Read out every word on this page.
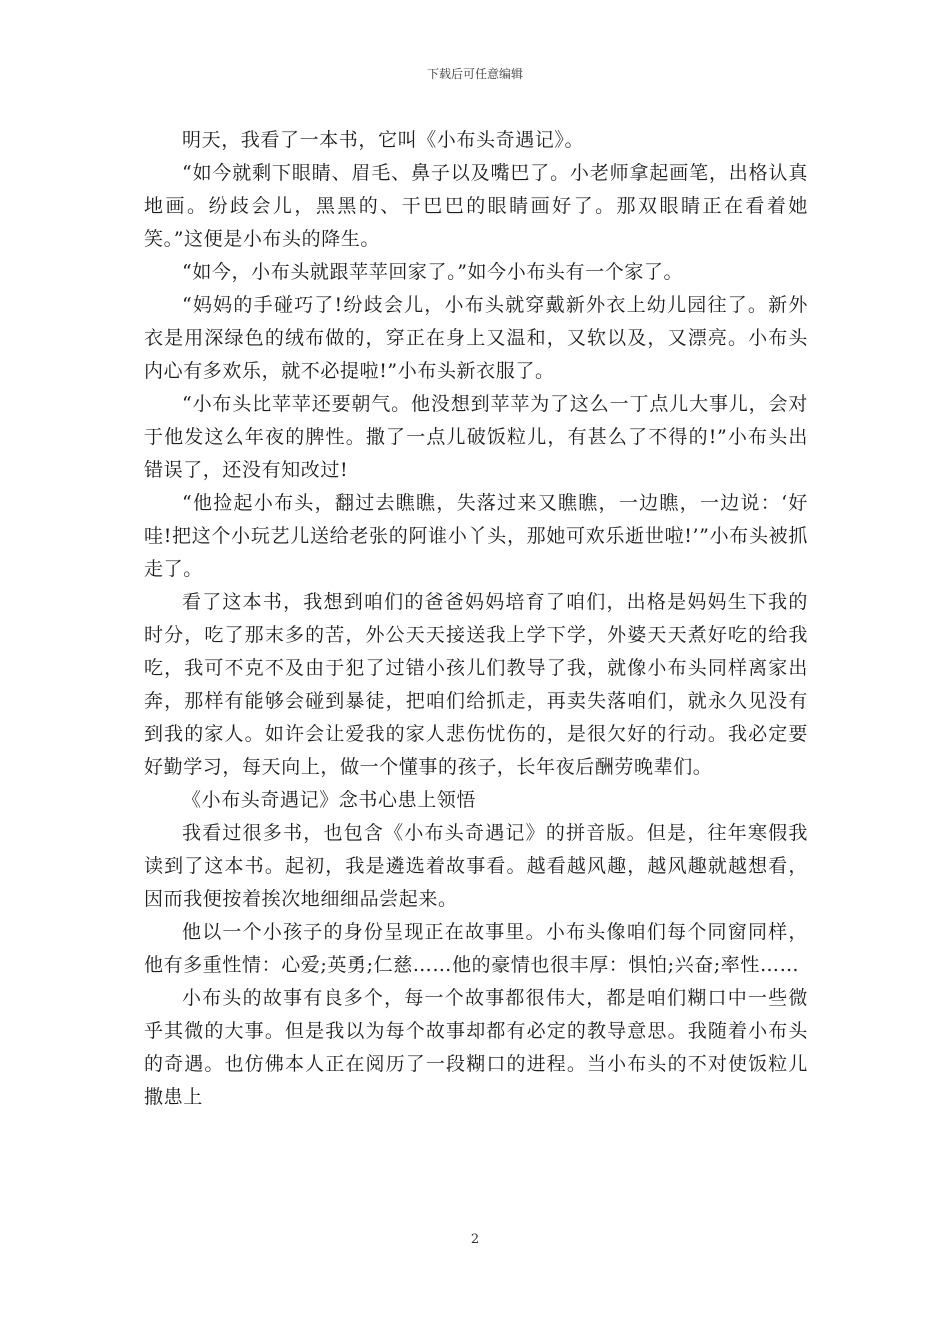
下载后可任意编辑

明天，我看了一本书，它叫《小布头奇遇记》。

“如今就剩下眼睛、眉毛、鼻子以及嘴巴了。小老师拿起画笔，出格认真地画。纷歧会儿，黑黑的、干巴巴的眼睛画好了。那双眼睛正在看着她笑。”这便是小布头的降生。

“如今，小布头就跟苹苹回家了。”如今小布头有一个家了。

“妈妈的手碰巧了!纷歧会儿，小布头就穿戴新外衣上幼儿园往了。新外衣是用深绿色的绒布做的，穿正在身上又温和，又软以及，又漂亮。小布头内心有多欢乐，就不必提啦!”小布头新衣服了。

“小布头比苹苹还要朝气。他没想到苹苹为了这么一丁点儿大事儿，会对于他发这么年夜的脾性。撒了一点儿破饭粒儿，有甚么了不得的!”小布头出错误了，还没有知改过!

“他捡起小布头，翻过去瞧瞧，失落过来又瞧瞧，一边瞧，一边说：‘好哇!把这个小玩艺儿送给老张的阿谁小丫头，那她可欢乐逝世啦!’”小布头被抓走了。

看了这本书，我想到咱们的爸爸妈妈培育了咱们，出格是妈妈生下我的时分，吃了那末多的苦，外公天天接送我上学下学，外婆天天煮好吃的给我吃，我可不克不及由于犯了过错小孩儿们教导了我，就像小布头同样离家出奔，那样有能够会碰到暴徒，把咱们给抓走，再卖失落咱们，就永久见没有到我的家人。如许会让爱我的家人悲伤忧伤的，是很欠好的行动。我必定要好勤学习，每天向上，做一个懂事的孩子，长年夜后酬劳晚辈们。

《小布头奇遇记》念书心患上领悟

我看过很多书，也包含《小布头奇遇记》的拼音版。但是，往年寒假我读到了这本书。起初，我是遴选着故事看。越看越风趣，越风趣就越想看，因而我便按着挨次地细细品尝起来。

他以一个小孩子的身份呈现正在故事里。小布头像咱们每个同窗同样，他有多重性情：心爱;英勇;仁慈……他的豪情也很丰厚：惧怕;兴奋;率性……

小布头的故事有良多个，每一个故事都很伟大，都是咱们糊口中一些微乎其微的大事。但是我以为每个故事却都有必定的教导意思。我随着小布头的奇遇。也仿佛本人正在阅历了一段糊口的进程。当小布头的不对使饭粒儿撒患上

2
